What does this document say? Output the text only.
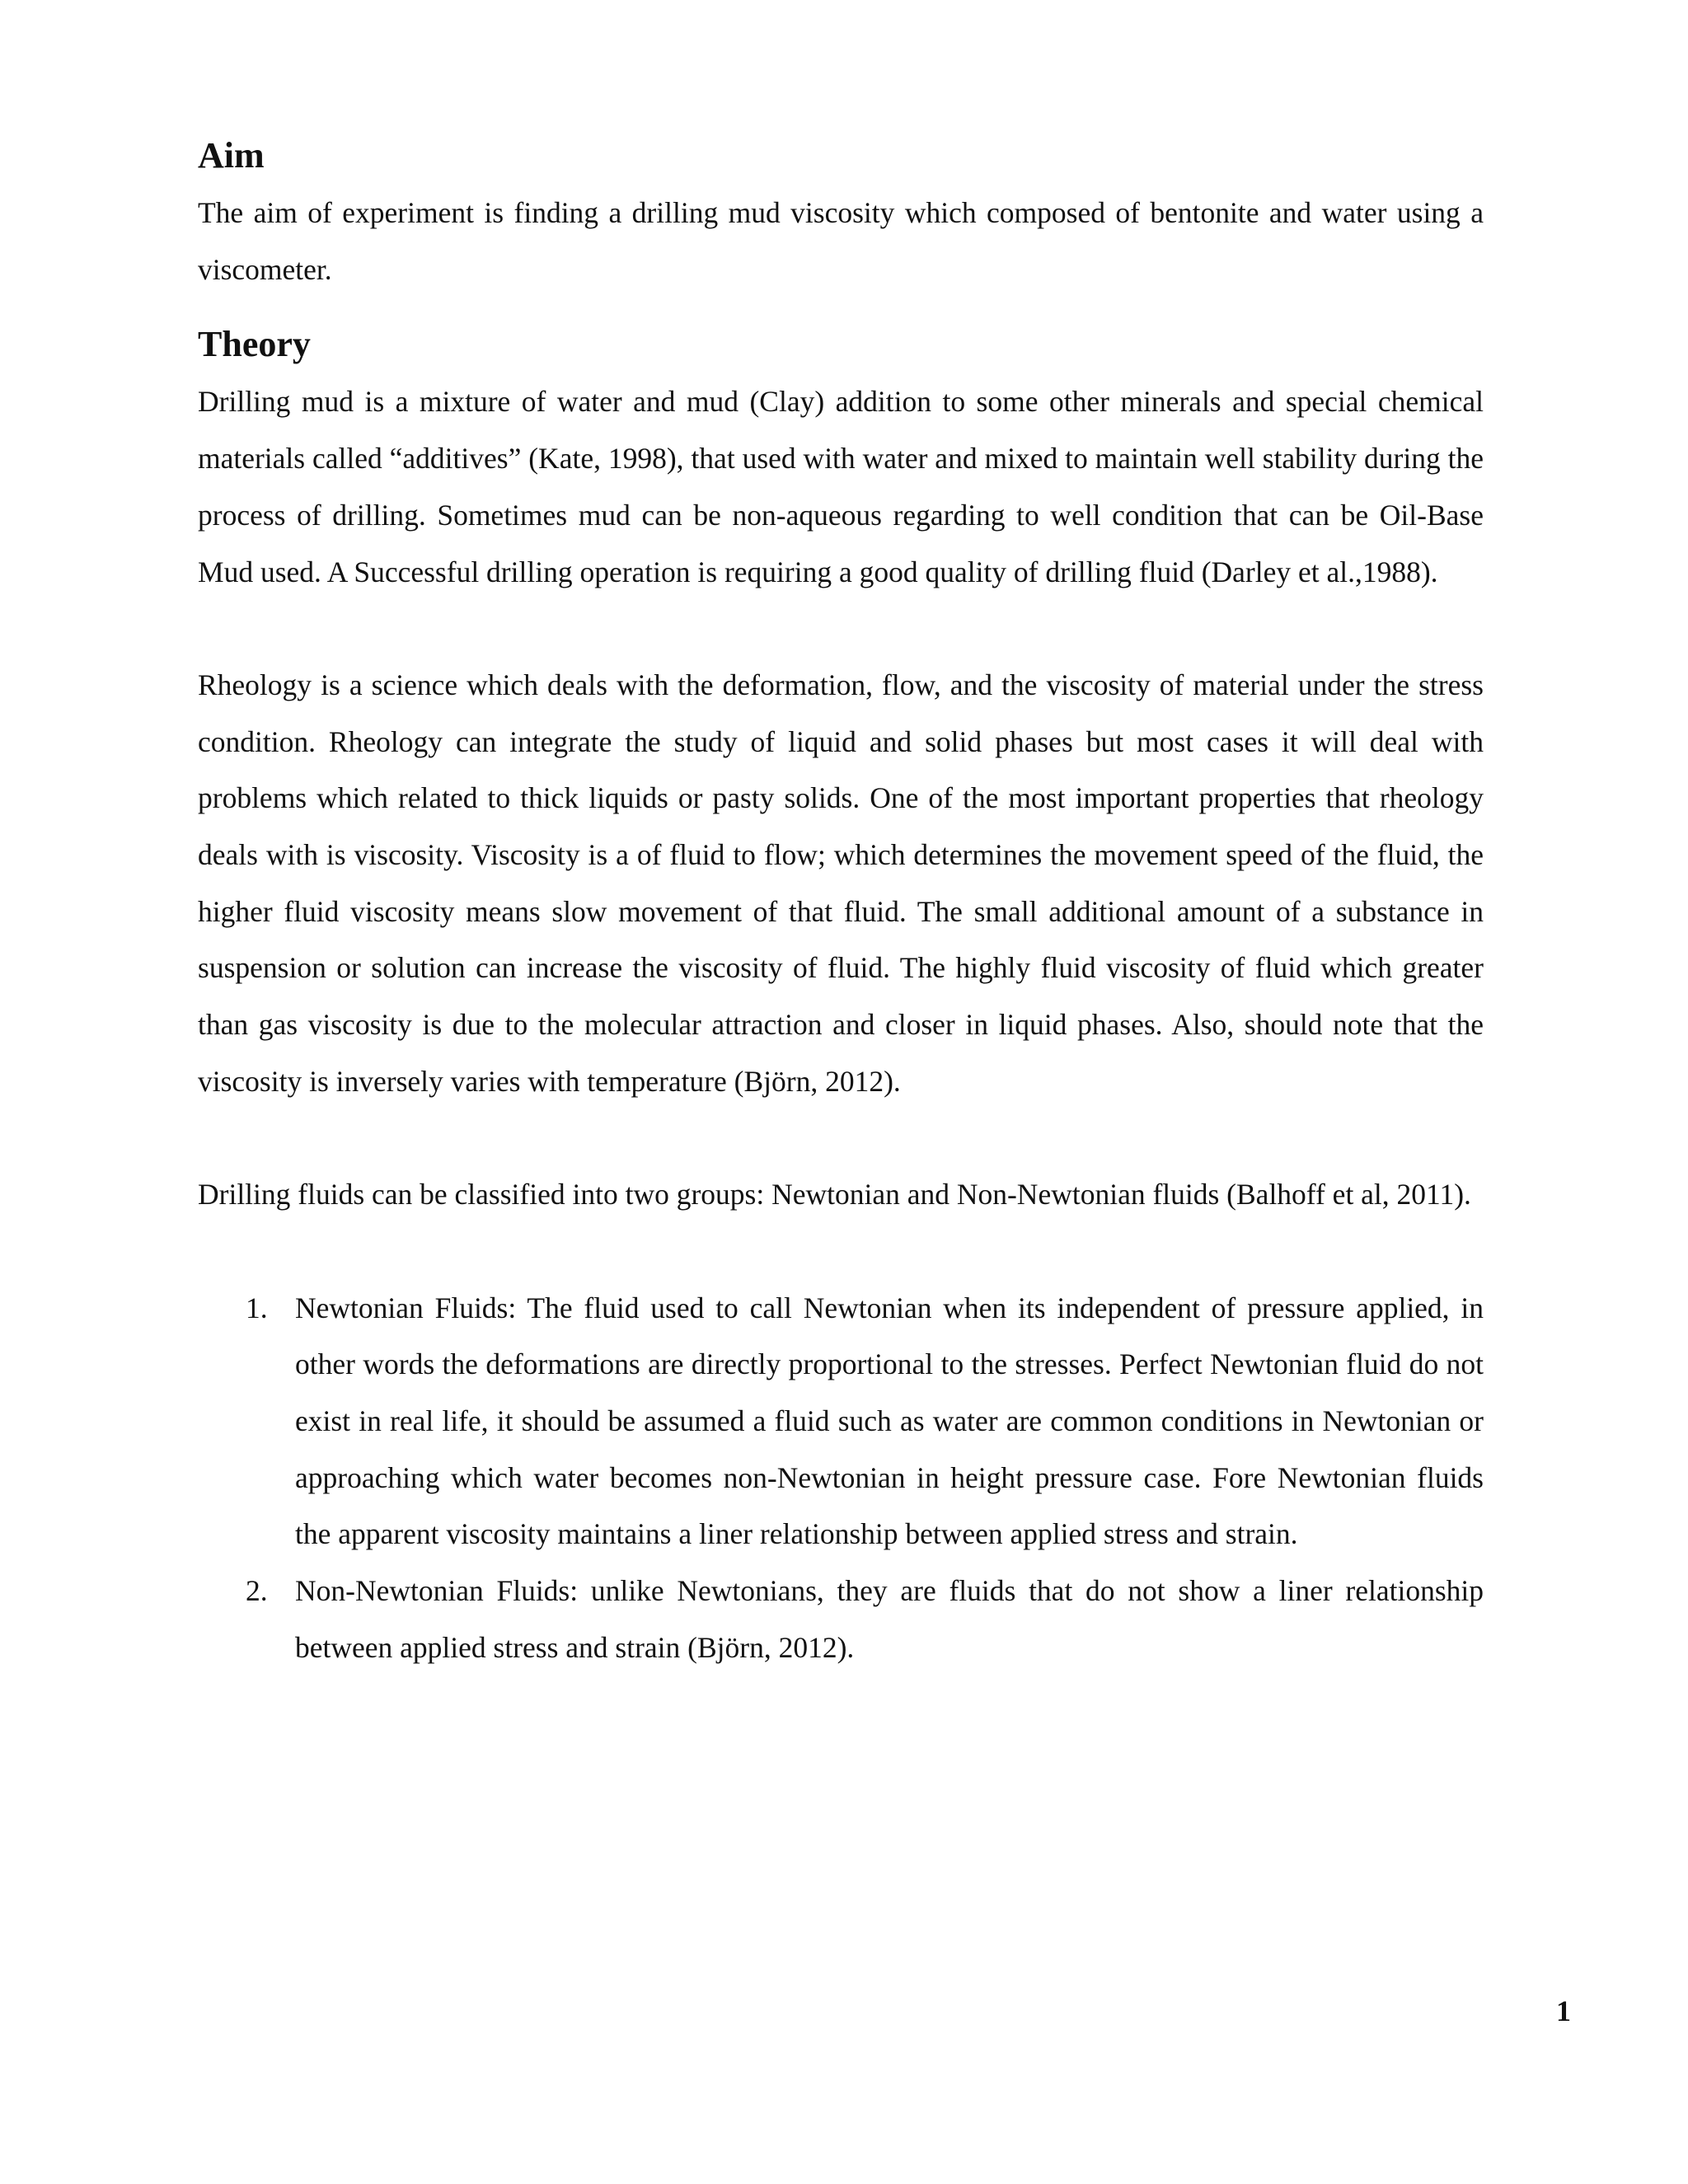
Aim

The aim of experiment is finding a drilling mud viscosity which composed of bentonite and water using a viscometer.

Theory

Drilling mud is a mixture of water and mud (Clay) addition to some other minerals and special chemical materials called “additives” (Kate, 1998), that used with water and mixed to maintain well stability during the process of drilling. Sometimes mud can be non-aqueous regarding to well condition that can be Oil-Base Mud used. A Successful drilling operation is requiring a good quality of drilling fluid (Darley et al.,1988).

Rheology is a science which deals with the deformation, flow, and the viscosity of material under the stress condition. Rheology can integrate the study of liquid and solid phases but most cases it will deal with problems which related to thick liquids or pasty solids. One of the most important properties that rheology deals with is viscosity. Viscosity is a of fluid to flow; which determines the movement speed of the fluid, the higher fluid viscosity means slow movement of that fluid. The small additional amount of a substance in suspension or solution can increase the viscosity of fluid. The highly fluid viscosity of fluid which greater than gas viscosity is due to the molecular attraction and closer in liquid phases. Also, should note that the viscosity is inversely varies with temperature (Björn, 2012).

Drilling fluids can be classified into two groups: Newtonian and Non-Newtonian fluids (Balhoff et al, 2011).

1. Newtonian Fluids: The fluid used to call Newtonian when its independent of pressure applied, in other words the deformations are directly proportional to the stresses. Perfect Newtonian fluid do not exist in real life, it should be assumed a fluid such as water are common conditions in Newtonian or approaching which water becomes non-Newtonian in height pressure case. Fore Newtonian fluids the apparent viscosity maintains a liner relationship between applied stress and strain.
2. Non-Newtonian Fluids: unlike Newtonians, they are fluids that do not show a liner relationship between applied stress and strain (Björn, 2012).
1
